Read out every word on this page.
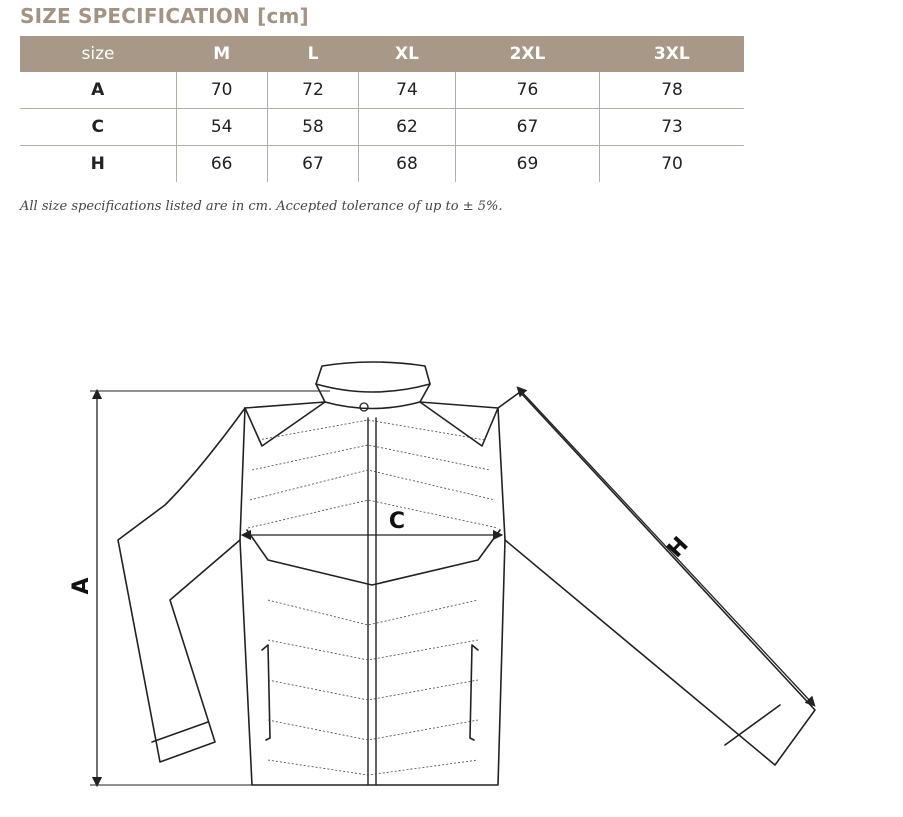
SIZE SPECIFICATION [cm]
size	M	L	XL	2XL	3XL
A	70	72	74	76	78
C	54	58	62	67	73
H	66	67	68	69	70
All size specifications listed are in cm. Accepted tolerance of up to ± 5%.
A
C
H
